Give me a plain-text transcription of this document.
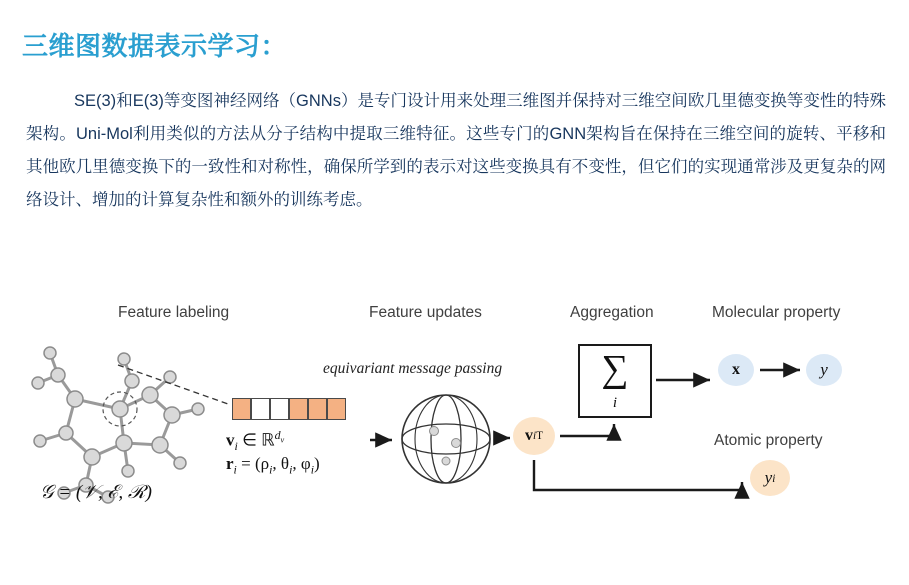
三维图数据表示学习：
SE(3)和E(3)等变图神经网络（GNNs）是专门设计用来处理三维图并保持对三维空间欧几里德变换等变性的特殊架构。Uni-Mol利用类似的方法从分子结构中提取三维特征。这些专门的GNN架构旨在保持在三维空间的旋转、平移和其他欧几里德变换下的一致性和对称性，确保所学到的表示对这些变换具有不变性，但它们的实现通常涉及更复杂的网络设计、增加的计算复杂性和额外的训练考虑。
Feature labeling	Feature updates	Aggregation	Molecular property
Atomic property
equivariant message passing
𝒢 = (𝒱, ℰ, ℛ)
$v_i$ ∈ ℝ$^{d_v}$
$r_i = (\rho_i$, $\theta_i$, $\varphi_i$)
v i T
∑
i
x	y
y i
